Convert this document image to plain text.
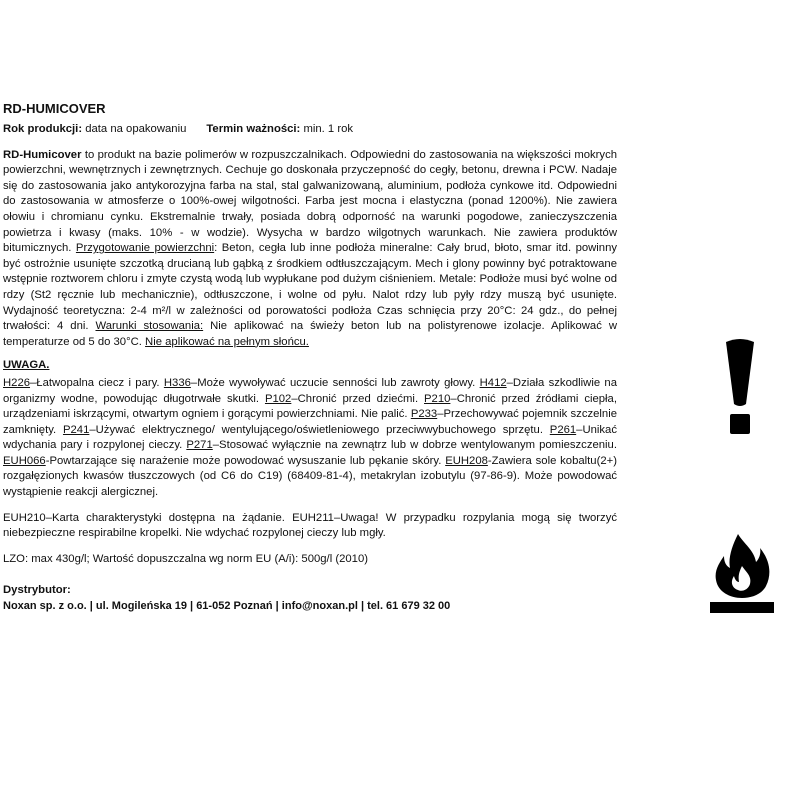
RD-HUMICOVER
Rok produkcji: data na opakowaniu Termin ważności: min. 1 rok

RD-Humicover to produkt na bazie polimerów w rozpuszczalnikach. Odpowiedni do zastosowania na większości mokrych powierzchni, wewnętrznych i zewnętrznych. Cechuje go doskonała przyczepność do cegły, betonu, drewna i PCW. Nadaje się do zastosowania jako antykorozyjna farba na stal, stal galwanizowaną, aluminium, podłoża cynkowe itd. Odpowiedni do zastosowania w atmosferze o 100%-owej wilgotności. Farba jest mocna i elastyczna (ponad 1200%). Nie zawiera ołowiu i chromianu cynku. Ekstremalnie trwały, posiada dobrą odporność na warunki pogodowe, zanieczyszczenia powietrza i kwasy (maks. 10% - w wodzie). Wysycha w bardzo wilgotnych warunkach. Nie zawiera produktów bitumicznych. Przygotowanie powierzchni: Beton, cegła lub inne podłoża mineralne: Cały brud, błoto, smar itd. powinny być ostrożnie usunięte szczotką drucianą lub gąbką z środkiem odtłuszczającym. Mech i glony powinny być potraktowane wstępnie roztworem chloru i zmyte czystą wodą lub wypłukane pod dużym ciśnieniem. Metale: Podłoże musi być wolne od rdzy (St2 ręcznie lub mechanicznie), odtłuszczone, i wolne od pyłu. Nalot rdzy lub pyły rdzy muszą być usunięte. Wydajność teoretyczna: 2-4 m²/l w zależności od porowatości podłoża Czas schnięcia przy 20°C: 24 gdz., do pełnej trwałości: 4 dni. Warunki stosowania: Nie aplikować na świeży beton lub na polistyrenowe izolacje. Aplikować w temperaturze od 5 do 30°C. Nie aplikować na pełnym słońcu.

UWAGA.

H226–Łatwopalna ciecz i pary. H336–Może wywoływać uczucie senności lub zawroty głowy. H412–Działa szkodliwie na organizmy wodne, powodując długotrwałe skutki. P102–Chronić przed dziećmi. P210–Chronić przed źródłami ciepła, urządzeniami iskrzącymi, otwartym ogniem i gorącymi powierzchniami. Nie palić. P233–Przechowywać pojemnik szczelnie zamknięty. P241–Używać elektrycznego/ wentylującego/oświetleniowego przeciwwybuchowego sprzętu. P261–Unikać wdychania pary i rozpylonej cieczy. P271–Stosować wyłącznie na zewnątrz lub w dobrze wentylowanym pomieszczeniu. EUH066-Powtarzające się narażenie może powodować wysuszanie lub pękanie skóry. EUH208-Zawiera sole kobaltu(2+) rozgałęzionych kwasów tłuszczowych (od C6 do C19) (68409-81-4), metakrylan izobutylu (97-86-9). Może powodować wystąpienie reakcji alergicznej.

EUH210–Karta charakterystyki dostępna na żądanie. EUH211–Uwaga! W przypadku rozpylania mogą się tworzyć niebezpieczne respirabilne kropelki. Nie wdychać rozpylonej cieczy lub mgły.

LZO: max 430g/l; Wartość dopuszczalna wg norm EU (A/i): 500g/l (2010)

Dystrybutor:
Noxan sp. z o.o. | ul. Mogileńska 19 | 61-052 Poznań | info@noxan.pl | tel. 61 679 32 00
